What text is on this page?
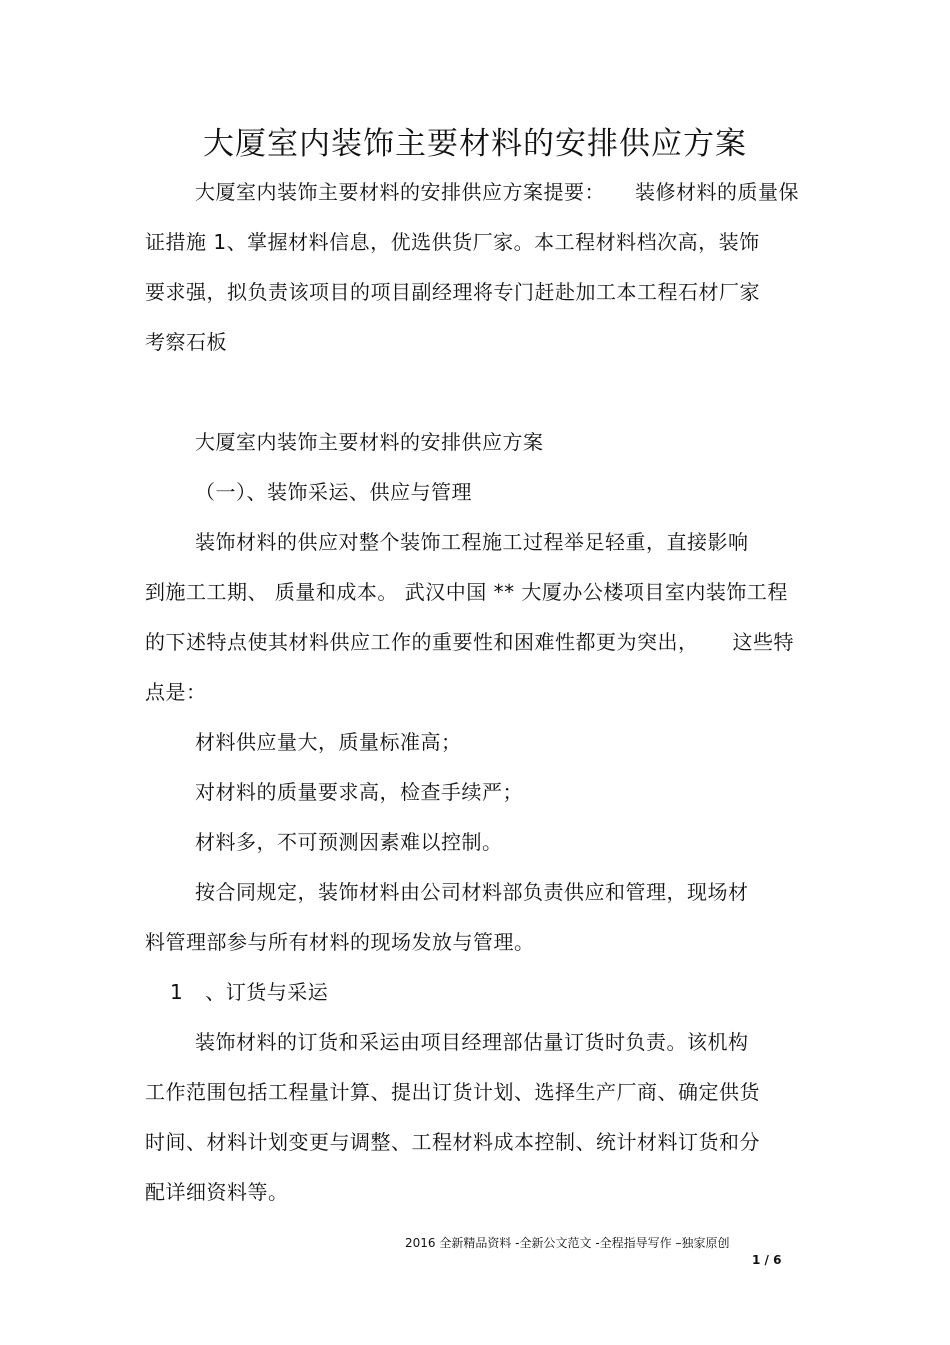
大厦室内装饰主要材料的安排供应方案
大厦室内装饰主要材料的安排供应方案提要： 装修材料的质量保
证措施 1、掌握材料信息，优选供货厂家。本工程材料档次高，装饰
要求强，拟负责该项目的项目副经理将专门赶赴加工本工程石材厂家
考察石板
大厦室内装饰主要材料的安排供应方案
（一）、装饰采运、供应与管理
装饰材料的供应对整个装饰工程施工过程举足轻重，直接影响
到施工工期、 质量和成本。 武汉中国 ** 大厦办公楼项目室内装饰工程
的下述特点使其材料供应工作的重要性和困难性都更为突出， 这些特
点是：
材料供应量大，质量标准高；
对材料的质量要求高，检查手续严；
材料多，不可预测因素难以控制。
按合同规定，装饰材料由公司材料部负责供应和管理，现场材
料管理部参与所有材料的现场发放与管理。
1 、订货与采运
装饰材料的订货和采运由项目经理部估量订货时负责。该机构
工作范围包括工程量计算、提出订货计划、选择生产厂商、确定供货
时间、材料计划变更与调整、工程材料成本控制、统计材料订货和分
配详细资料等。
2016 全新精品资料 -全新公文范文 -全程指导写作 –独家原创
1 / 6
